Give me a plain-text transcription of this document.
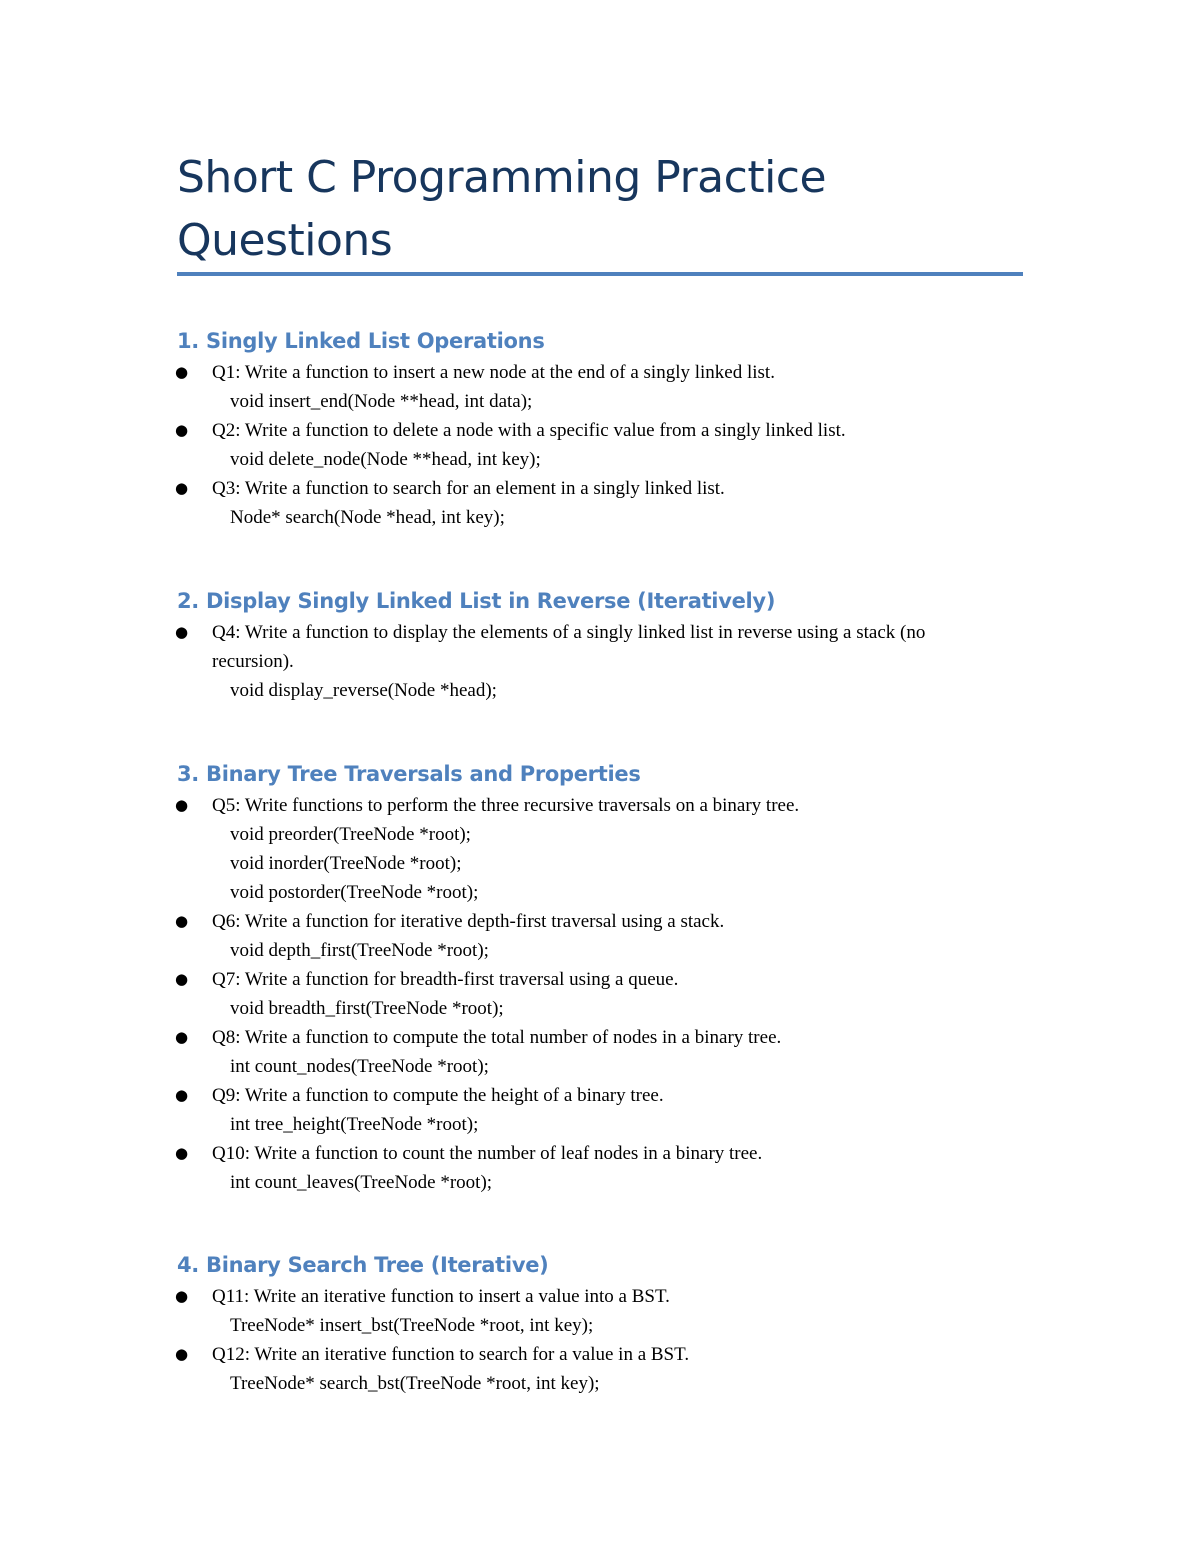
Short C Programming Practice Questions
1. Singly Linked List Operations
● Q1: Write a function to insert a new node at the end of a singly linked list.
void insert_end(Node **head, int data);
● Q2: Write a function to delete a node with a specific value from a singly linked list.
void delete_node(Node **head, int key);
● Q3: Write a function to search for an element in a singly linked list.
Node* search(Node *head, int key);
2. Display Singly Linked List in Reverse (Iteratively)
● Q4: Write a function to display the elements of a singly linked list in reverse using a stack (no recursion).
void display_reverse(Node *head);
3. Binary Tree Traversals and Properties
● Q5: Write functions to perform the three recursive traversals on a binary tree.
void preorder(TreeNode *root);
void inorder(TreeNode *root);
void postorder(TreeNode *root);
● Q6: Write a function for iterative depth-first traversal using a stack.
void depth_first(TreeNode *root);
● Q7: Write a function for breadth-first traversal using a queue.
void breadth_first(TreeNode *root);
● Q8: Write a function to compute the total number of nodes in a binary tree.
int count_nodes(TreeNode *root);
● Q9: Write a function to compute the height of a binary tree.
int tree_height(TreeNode *root);
● Q10: Write a function to count the number of leaf nodes in a binary tree.
int count_leaves(TreeNode *root);
4. Binary Search Tree (Iterative)
● Q11: Write an iterative function to insert a value into a BST.
TreeNode* insert_bst(TreeNode *root, int key);
● Q12: Write an iterative function to search for a value in a BST.
TreeNode* search_bst(TreeNode *root, int key);
